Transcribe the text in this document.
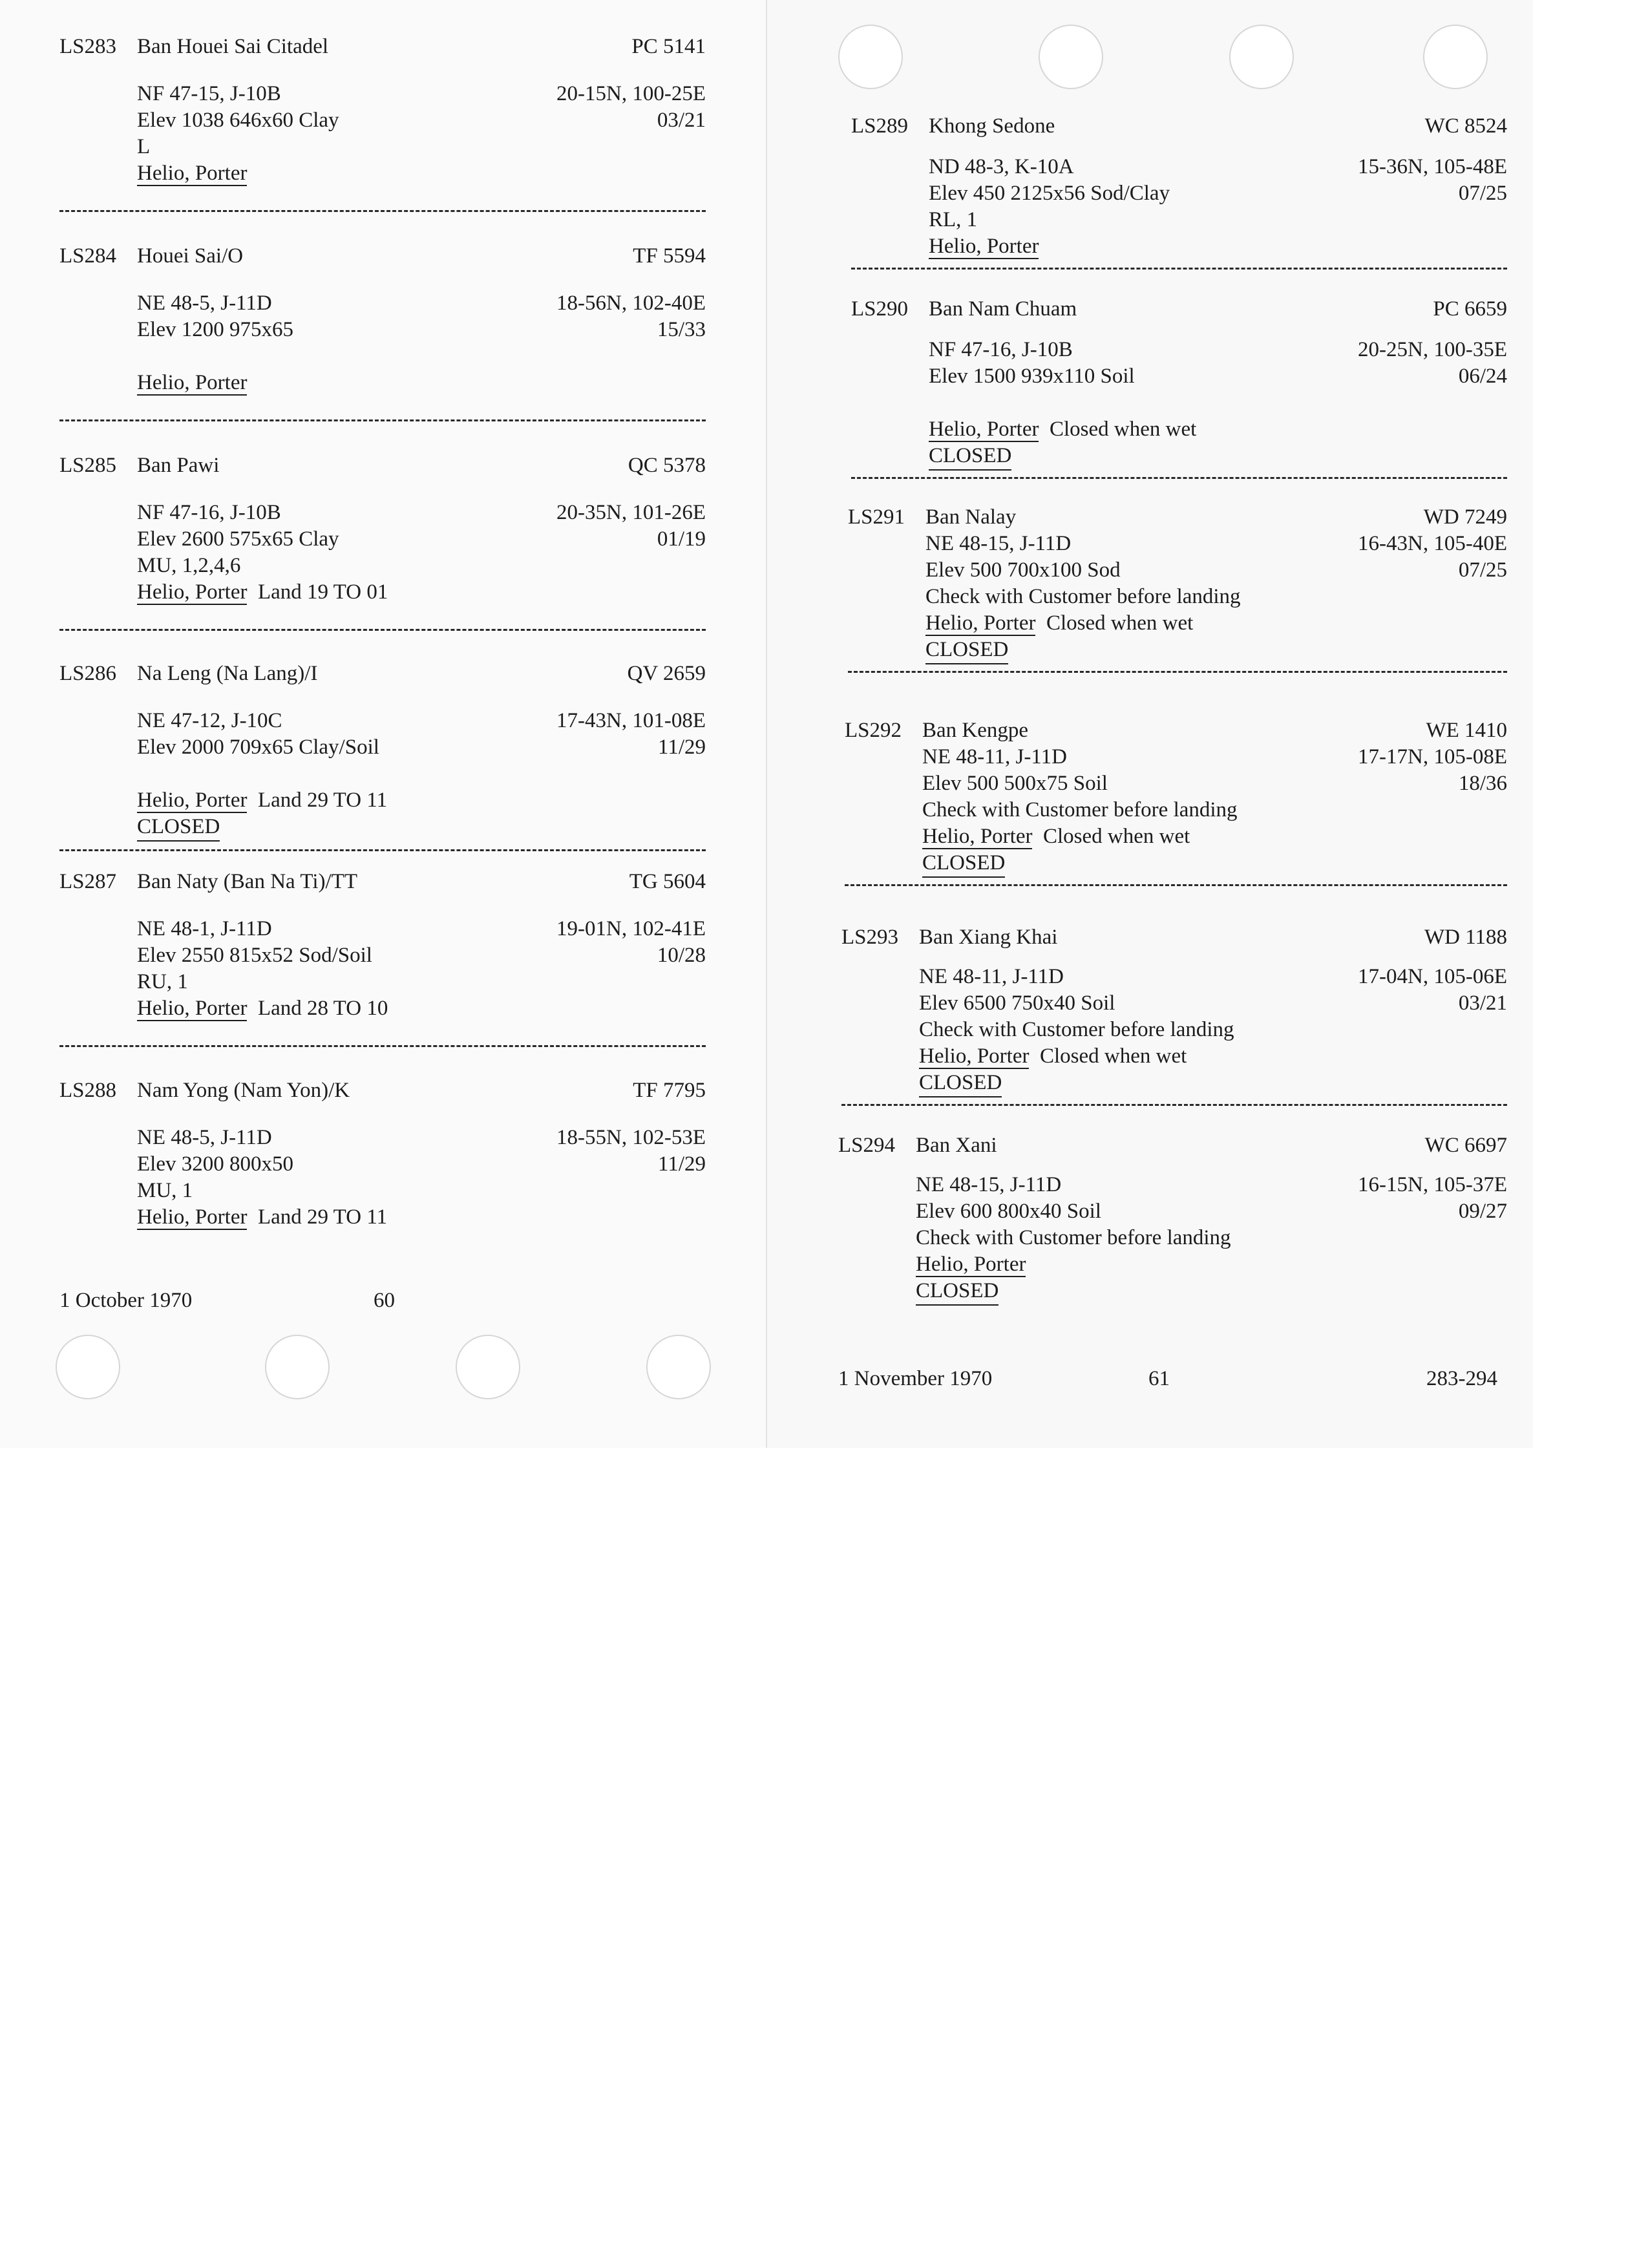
LS283 Ban Houei Sai Citadel	PC 5141
NF 47-15, J-10B	20-15N, 100-25E
Elev 1038 646x60 Clay	03/21
L
Helio, Porter
LS284 Houei Sai/O	TF 5594
NE 48-5, J-11D	18-56N, 102-40E
Elev 1200 975x65	15/33
Helio, Porter
LS285 Ban Pawi	QC 5378
NF 47-16, J-10B	20-35N, 101-26E
Elev 2600 575x65 Clay	01/19
MU, 1,2,4,6
Helio, Porter Land 19 TO 01
LS286 Na Leng (Na Lang)/I	QV 2659
NE 47-12, J-10C	17-43N, 101-08E
Elev 2000 709x65 Clay/Soil	11/29
Helio, Porter Land 29 TO 11
CLOSED
LS287 Ban Naty (Ban Na Ti)/TT	TG 5604
NE 48-1, J-11D	19-01N, 102-41E
Elev 2550 815x52 Sod/Soil	10/28
RU, 1
Helio, Porter Land 28 TO 10
LS288 Nam Yong (Nam Yon)/K	TF 7795
NE 48-5, J-11D	18-55N, 102-53E
Elev 3200 800x50	11/29
MU, 1
Helio, Porter Land 29 TO 11
1 October 1970	60
LS289 Khong Sedone	WC 8524
ND 48-3, K-10A	15-36N, 105-48E
Elev 450 2125x56 Sod/Clay	07/25
RL, 1
Helio, Porter
LS290 Ban Nam Chuam	PC 6659
NF 47-16, J-10B	20-25N, 100-35E
Elev 1500 939x110 Soil	06/24
Helio, Porter Closed when wet
CLOSED
LS291 Ban Nalay	WD 7249
NE 48-15, J-11D	16-43N, 105-40E
Elev 500 700x100 Sod	07/25
Check with Customer before landing
Helio, Porter Closed when wet
CLOSED
LS292 Ban Kengpe	WE 1410
NE 48-11, J-11D	17-17N, 105-08E
Elev 500 500x75 Soil	18/36
Check with Customer before landing
Helio, Porter Closed when wet
CLOSED
LS293 Ban Xiang Khai	WD 1188
NE 48-11, J-11D	17-04N, 105-06E
Elev 6500 750x40 Soil	03/21
Check with Customer before landing
Helio, Porter Closed when wet
CLOSED
LS294 Ban Xani	WC 6697
NE 48-15, J-11D	16-15N, 105-37E
Elev 600 800x40 Soil	09/27
Check with Customer before landing
Helio, Porter
CLOSED
1 November 1970	61	283-294
